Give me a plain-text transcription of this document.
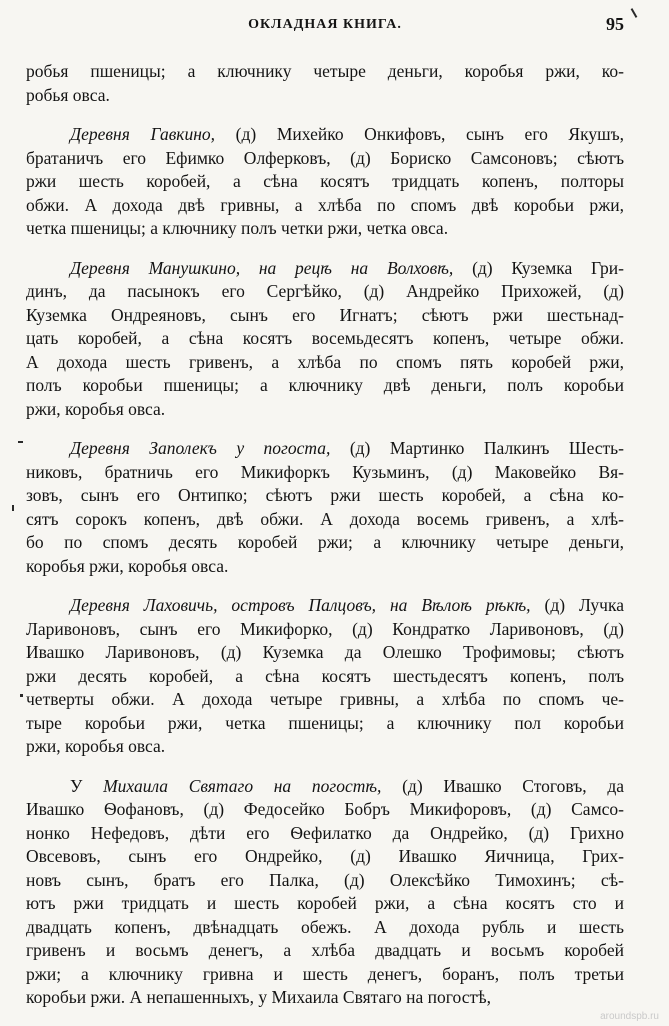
ОКЛАДНАЯ КНИГА.	95
робья пшеницы; а ключнику четыре деньги, коробья ржи, ко-
робья овса.
Деревня Гавкино, (д) Михейко Онкифовъ, сынъ его Якушъ,
братаничъ его Ефимко Олферковъ, (д) Бориско Самсоновъ; сѣютъ
ржи шесть коробей, а сѣна косятъ тридцать копенъ, полторы
обжи. А дохода двѣ гривны, а хлѣба по спомъ двѣ коробьи ржи,
четка пшеницы; а ключнику полъ четки ржи, четка овса.
Деревня Манушкино, на рецѣ на Волховѣ, (д) Куземка Гри-
динъ, да пасынокъ его Сергѣйко, (д) Андрейко Прихожей, (д)
Куземка Ондреяновъ, сынъ его Игнатъ; сѣютъ ржи шестьнад-
цать коробей, а сѣна косятъ восемьдесятъ копенъ, четыре обжи.
А дохода шесть гривенъ, а хлѣба по спомъ пять коробей ржи,
полъ коробьи пшеницы; а ключнику двѣ деньги, полъ коробьи
ржи, коробья овса.
Деревня Заполекъ у погоста, (д) Мартинко Палкинъ Шесть-
никовъ, братничь его Микифоркъ Кузьминъ, (д) Маковейко Вя-
зовъ, сынъ его Онтипко; сѣютъ ржи шесть коробей, а сѣна ко-
сятъ сорокъ копенъ, двѣ обжи. А дохода восемь гривенъ, а хлѣ-
бо по спомъ десять коробей ржи; а ключнику четыре деньги,
коробья ржи, коробья овса.
Деревня Лаховичь, островъ Палцовъ, на Вѣлоѣ рѣкѣ, (д) Лучка
Ларивоновъ, сынъ его Микифорко, (д) Кондратко Ларивоновъ, (д)
Ивашко Ларивоновъ, (д) Куземка да Олешко Трофимовы; сѣютъ
ржи десять коробей, а сѣна косятъ шестьдесятъ копенъ, полъ
четверты обжи. А дохода четыре гривны, а хлѣба по спомъ че-
тыре коробьи ржи, четка пшеницы; а ключнику пол коробьи
ржи, коробья овса.
У Михаила Святаго на погостѣ, (д) Ивашко Стоговъ, да
Ивашко Ѳофановъ, (д) Федосейко Бобръ Микифоровъ, (д) Самсо-
нонко Нефедовъ, дѣти его Ѳефилатко да Ондрейко, (д) Грихно
Овсевовъ, сынъ его Ондрейко, (д) Ивашко Яичница, Грих-
новъ сынъ, братъ его Палка, (д) Олексѣйко Тимохинъ; сѣ-
ютъ ржи тридцать и шесть коробей ржи, а сѣна косятъ сто и
двадцать копенъ, двѣнадцать обежъ. А дохода рубль и шесть
гривенъ и восьмъ денегъ, а хлѣба двадцать и восьмъ коробей
ржи; а ключнику гривна и шесть денегъ, боранъ, полъ третьи
коробьи ржи. А непашенныхъ, у Михаила Святаго на погостѣ,
aroundspb.ru
